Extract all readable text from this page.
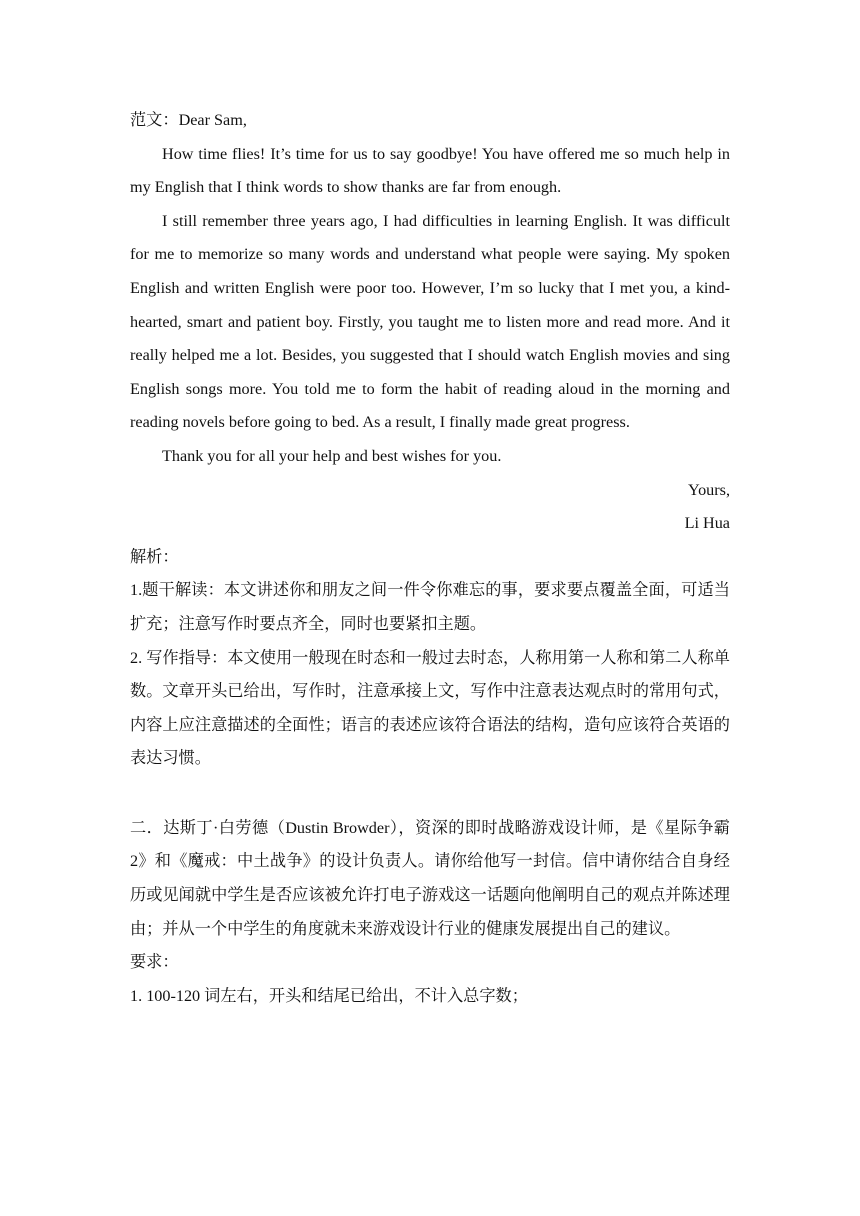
范文：Dear Sam,
How time flies! It’s time for us to say goodbye! You have offered me so much help in my English that I think words to show thanks are far from enough.
I still remember three years ago, I had difficulties in learning English. It was difficult for me to memorize so many words and understand what people were saying. My spoken English and written English were poor too. However, I’m so lucky that I met you, a kind-hearted, smart and patient boy. Firstly, you taught me to listen more and read more. And it really helped me a lot. Besides, you suggested that I should watch English movies and sing English songs more. You told me to form the habit of reading aloud in the morning and reading novels before going to bed. As a result, I finally made great progress.
Thank you for all your help and best wishes for you.
Yours,
Li Hua
解析：
1.题干解读：本文讲述你和朋友之间一件令你难忘的事，要求要点覆盖全面，可适当扩充；注意写作时要点齐全，同时也要紧扣主题。
2. 写作指导：本文使用一般现在时态和一般过去时态，人称用第一人称和第二人称单数。文章开头已给出，写作时，注意承接上文，写作中注意表达观点时的常用句式，内容上应注意描述的全面性；语言的表述应该符合语法的结构，造句应该符合英语的表达习惯。
二．达斯丁·白劳德（Dustin Browder），资深的即时战略游戏设计师，是《星际争霸 2》和《魔戒：中土战争》的设计负责人。请你给他写一封信。信中请你结合自身经历或见闻就中学生是否应该被允许打电子游戏这一话题向他阐明自己的观点并陈述理由；并从一个中学生的角度就未来游戏设计行业的健康发展提出自己的建议。
要求：
1. 100-120 词左右，开头和结尾已给出，不计入总字数；
